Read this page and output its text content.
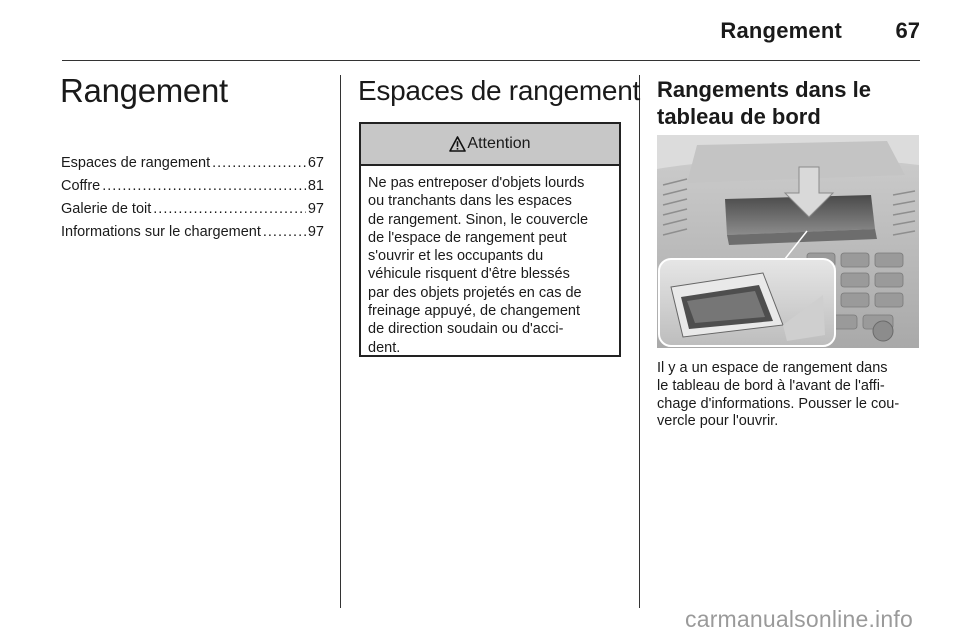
Rangement	67
Rangement
Espaces de rangement .....	67
Coffre .....	81
Galerie de toit .....	97
Informations sur le chargement .....	97
Espaces de rangement
Attention
Ne pas entreposer d'objets lourds
ou tranchants dans les espaces
de rangement. Sinon, le couvercle
de l'espace de rangement peut
s'ouvrir et les occupants du
véhicule risquent d'être blessés
par des objets projetés en cas de
freinage appuyé, de changement
de direction soudain ou d'acci-
dent.
Rangements dans le
tableau de bord
Il y a un espace de rangement dans
le tableau de bord à l'avant de l'affi-
chage d'informations. Pousser le cou-
vercle pour l'ouvrir.
carmanualsonline.info
